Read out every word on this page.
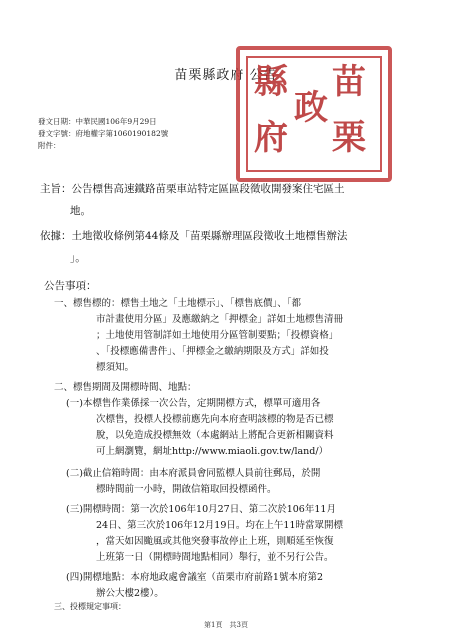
苗栗縣政府 公告
縣 苗
府
政
栗
發文日期：中華民國106年9月29日
發文字號：府地權字第1060190182號
附件：
主旨：公告標售高速鐵路苗栗車站特定區區段徵收開發案住宅區土
地。
依據：土地徵收條例第44條及「苗栗縣辦理區段徵收土地標售辦法
」。
公告事項：
一、標售標的：標售土地之「土地標示」、「標售底價」、「都
市計畫使用分區」及應繳納之「押標金」詳如土地標售清冊
；土地使用管制詳如土地使用分區管制要點；「投標資格」
、「投標應備書件」、「押標金之繳納期限及方式」詳如投
標須知。
二、標售期間及開標時間、地點：
(一)本標售作業係採一次公告，定期開標方式，標單可適用各
次標售，投標人投標前應先向本府查明該標的物是否已標
脫，以免造成投標無效（本處網站上將配合更新相關資料
可上網瀏覽，網址http://www.miaoli.gov.tw/land/）
(二)截止信箱時間：由本府派員會同監標人員前往郵局，於開
標時間前一小時，開啟信箱取回投標函件。
(三)開標時間：第一次於106年10月27日、第二次於106年11月
24日、第三次於106年12月19日。均在上午11時當眾開標
，當天如因颱風或其他突發事故停止上班，則順延至恢復
上班第一日（開標時間地點相同）舉行，並不另行公告。
(四)開標地點：本府地政處會議室（苗栗市府前路1號本府第2
辦公大樓2樓）。
三、投標規定事項：
第1頁　共3頁
